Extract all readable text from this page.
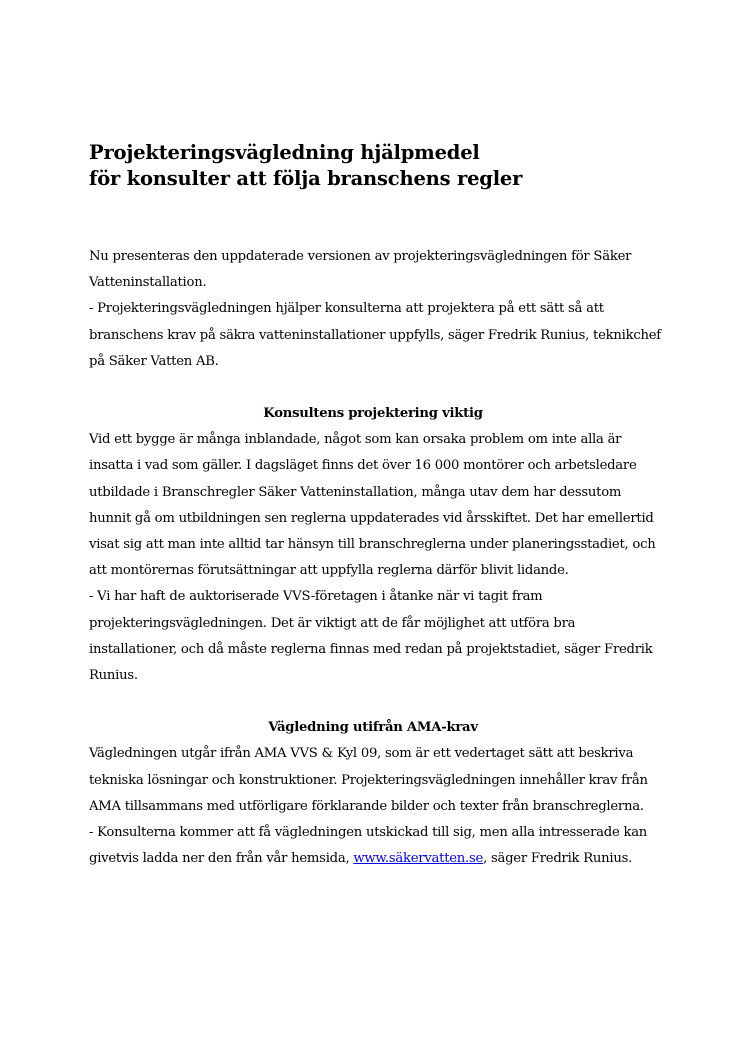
Projekteringsvägledning hjälpmedel
för konsulter att följa branschens regler

Nu presenteras den uppdaterade versionen av projekteringsvägledningen för Säker
Vatteninstallation.
- Projekteringsvägledningen hjälper konsulterna att projektera på ett sätt så att
branschens krav på säkra vatteninstallationer uppfylls, säger Fredrik Runius, teknikchef
på Säker Vatten AB.

Konsultens projektering viktig

Vid ett bygge är många inblandade, något som kan orsaka problem om inte alla är
insatta i vad som gäller. I dagsläget finns det över 16 000 montörer och arbetsledare
utbildade i Branschregler Säker Vatteninstallation, många utav dem har dessutom
hunnit gå om utbildningen sen reglerna uppdaterades vid årsskiftet. Det har emellertid
visat sig att man inte alltid tar hänsyn till branschreglerna under planeringsstadiet, och
att montörernas förutsättningar att uppfylla reglerna därför blivit lidande.
- Vi har haft de auktoriserade VVS-företagen i åtanke när vi tagit fram
projekteringsvägledningen. Det är viktigt att de får möjlighet att utföra bra
installationer, och då måste reglerna finnas med redan på projektstadiet, säger Fredrik
Runius.

Vägledning utifrån AMA-krav

Vägledningen utgår ifrån AMA VVS & Kyl 09, som är ett vedertaget sätt att beskriva
tekniska lösningar och konstruktioner. Projekteringsvägledningen innehåller krav från
AMA tillsammans med utförligare förklarande bilder och texter från branschreglerna.
- Konsulterna kommer att få vägledningen utskickad till sig, men alla intresserade kan
givetvis ladda ner den från vår hemsida, www.säkervatten.se, säger Fredrik Runius.
